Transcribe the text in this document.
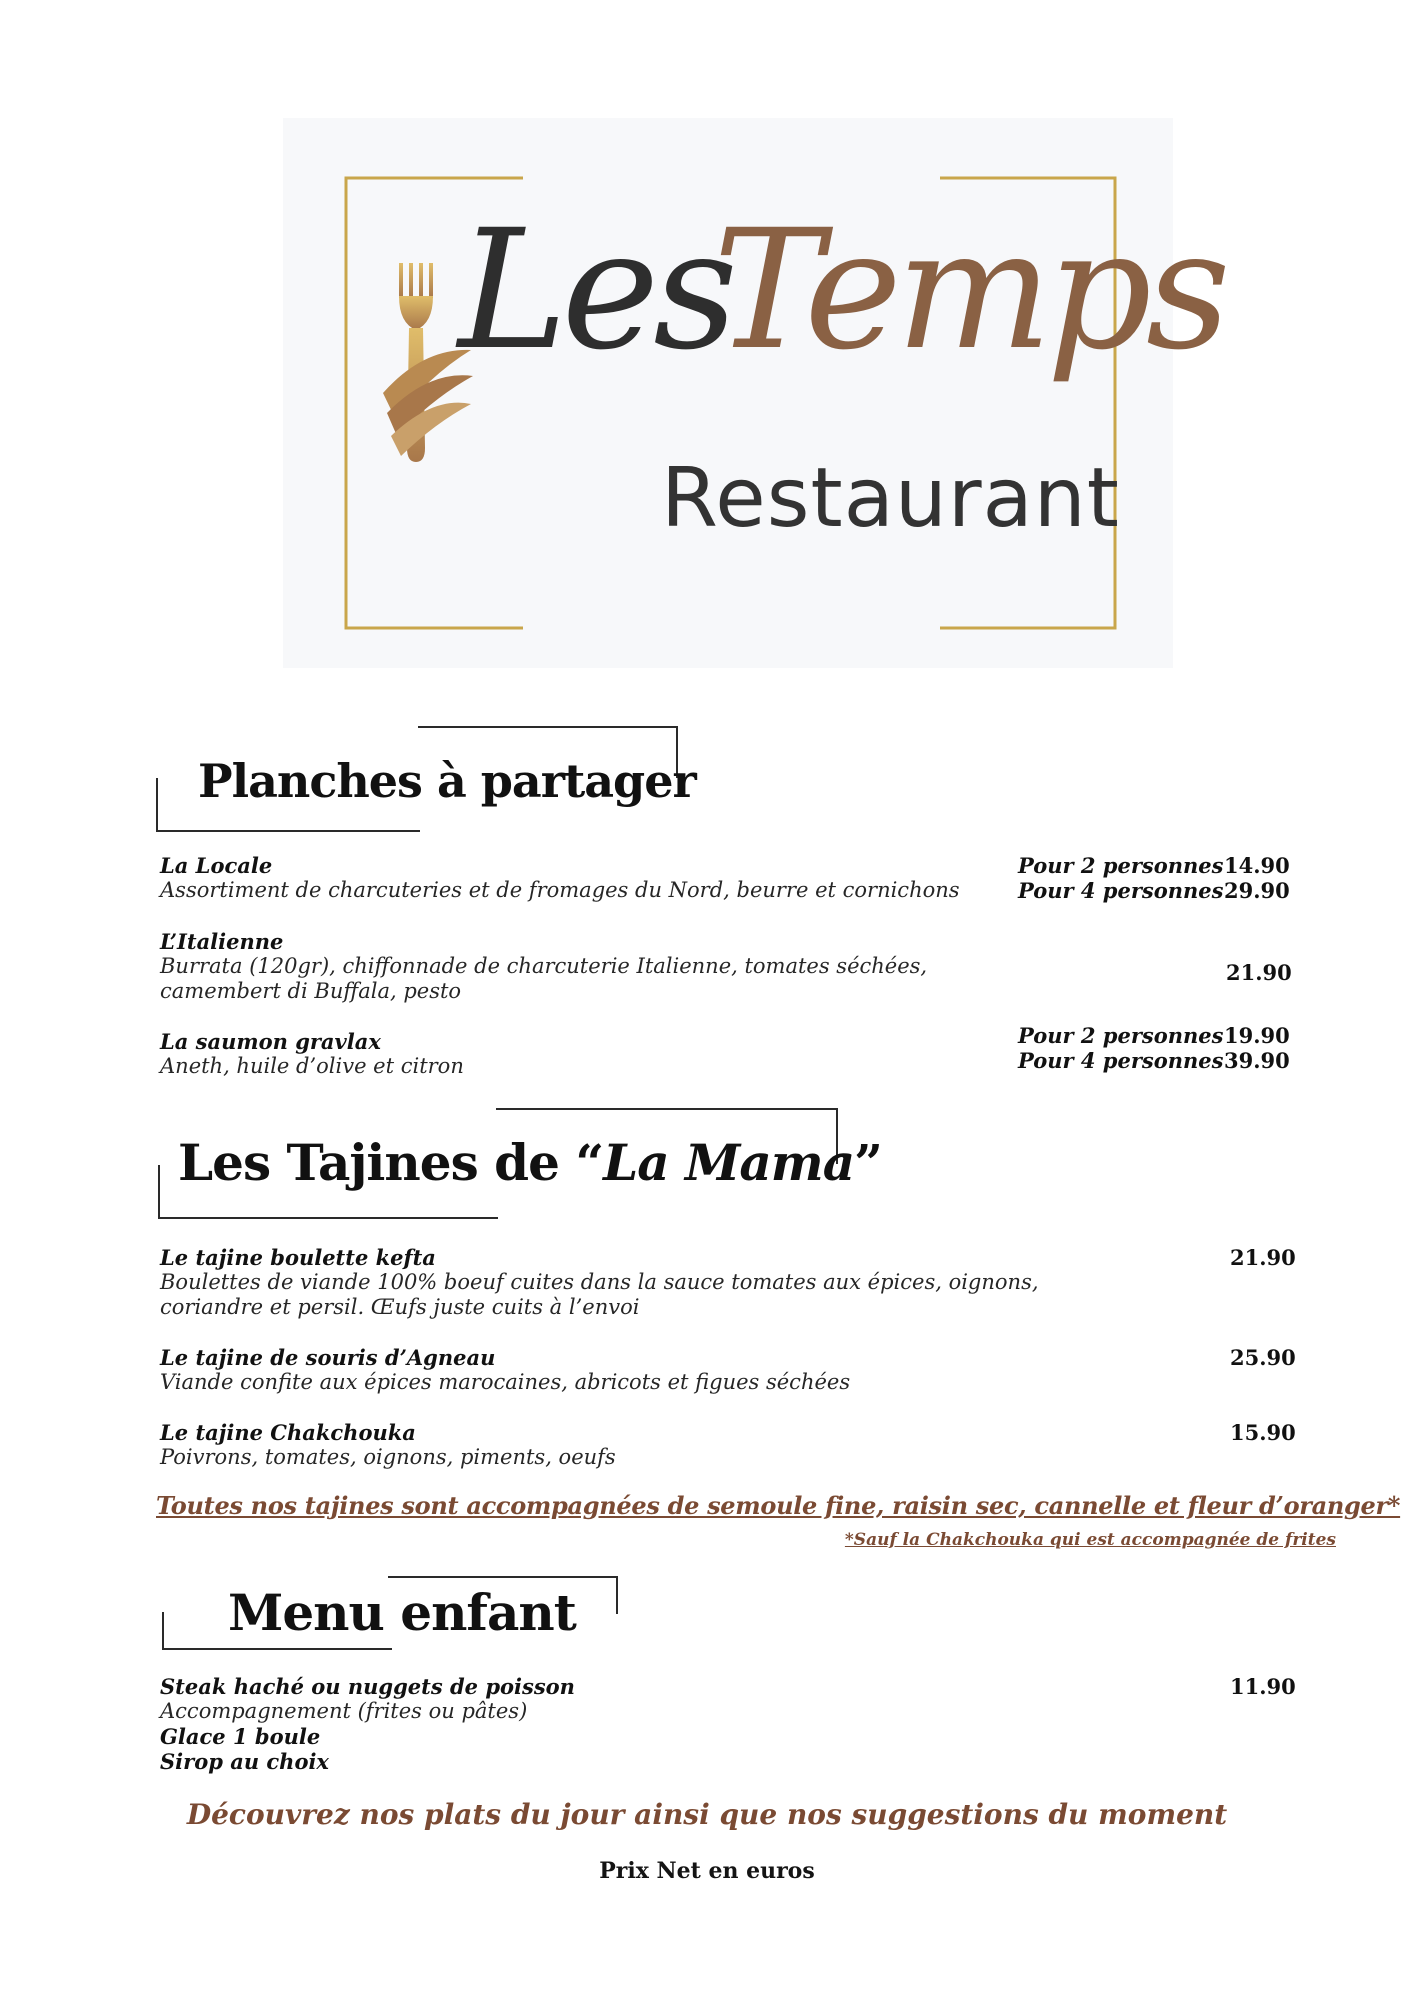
Les
Temps
Restaurant
Planches à partager
La Locale
Assortiment de charcuteries et de fromages du Nord, beurre et cornichons
Pour 2 personnes 14.90
Pour 4 personnes 29.90
L’Italienne
Burrata (120gr), chiffonnade de charcuterie Italienne, tomates séchées,
camembert di Buffala, pesto
21.90
La saumon gravlax
Aneth, huile d’olive et citron
Pour 2 personnes 19.90
Pour 4 personnes 39.90
Les Tajines de “La Mama”
Le tajine boulette kefta
Boulettes de viande 100% boeuf cuites dans la sauce tomates aux épices, oignons,
coriandre et persil. Œufs juste cuits à l’envoi
21.90
Le tajine de souris d’Agneau
Viande confite aux épices marocaines, abricots et figues séchées
25.90
Le tajine Chakchouka
Poivrons, tomates, oignons, piments, oeufs
15.90
Toutes nos tajines sont accompagnées de semoule fine, raisin sec, cannelle et fleur d’oranger*
*Sauf la Chakchouka qui est accompagnée de frites
Menu enfant
Steak haché ou nuggets de poisson
Accompagnement (frites ou pâtes)
Glace 1 boule
Sirop au choix
11.90
Découvrez nos plats du jour ainsi que nos suggestions du moment
Prix Net en euros
